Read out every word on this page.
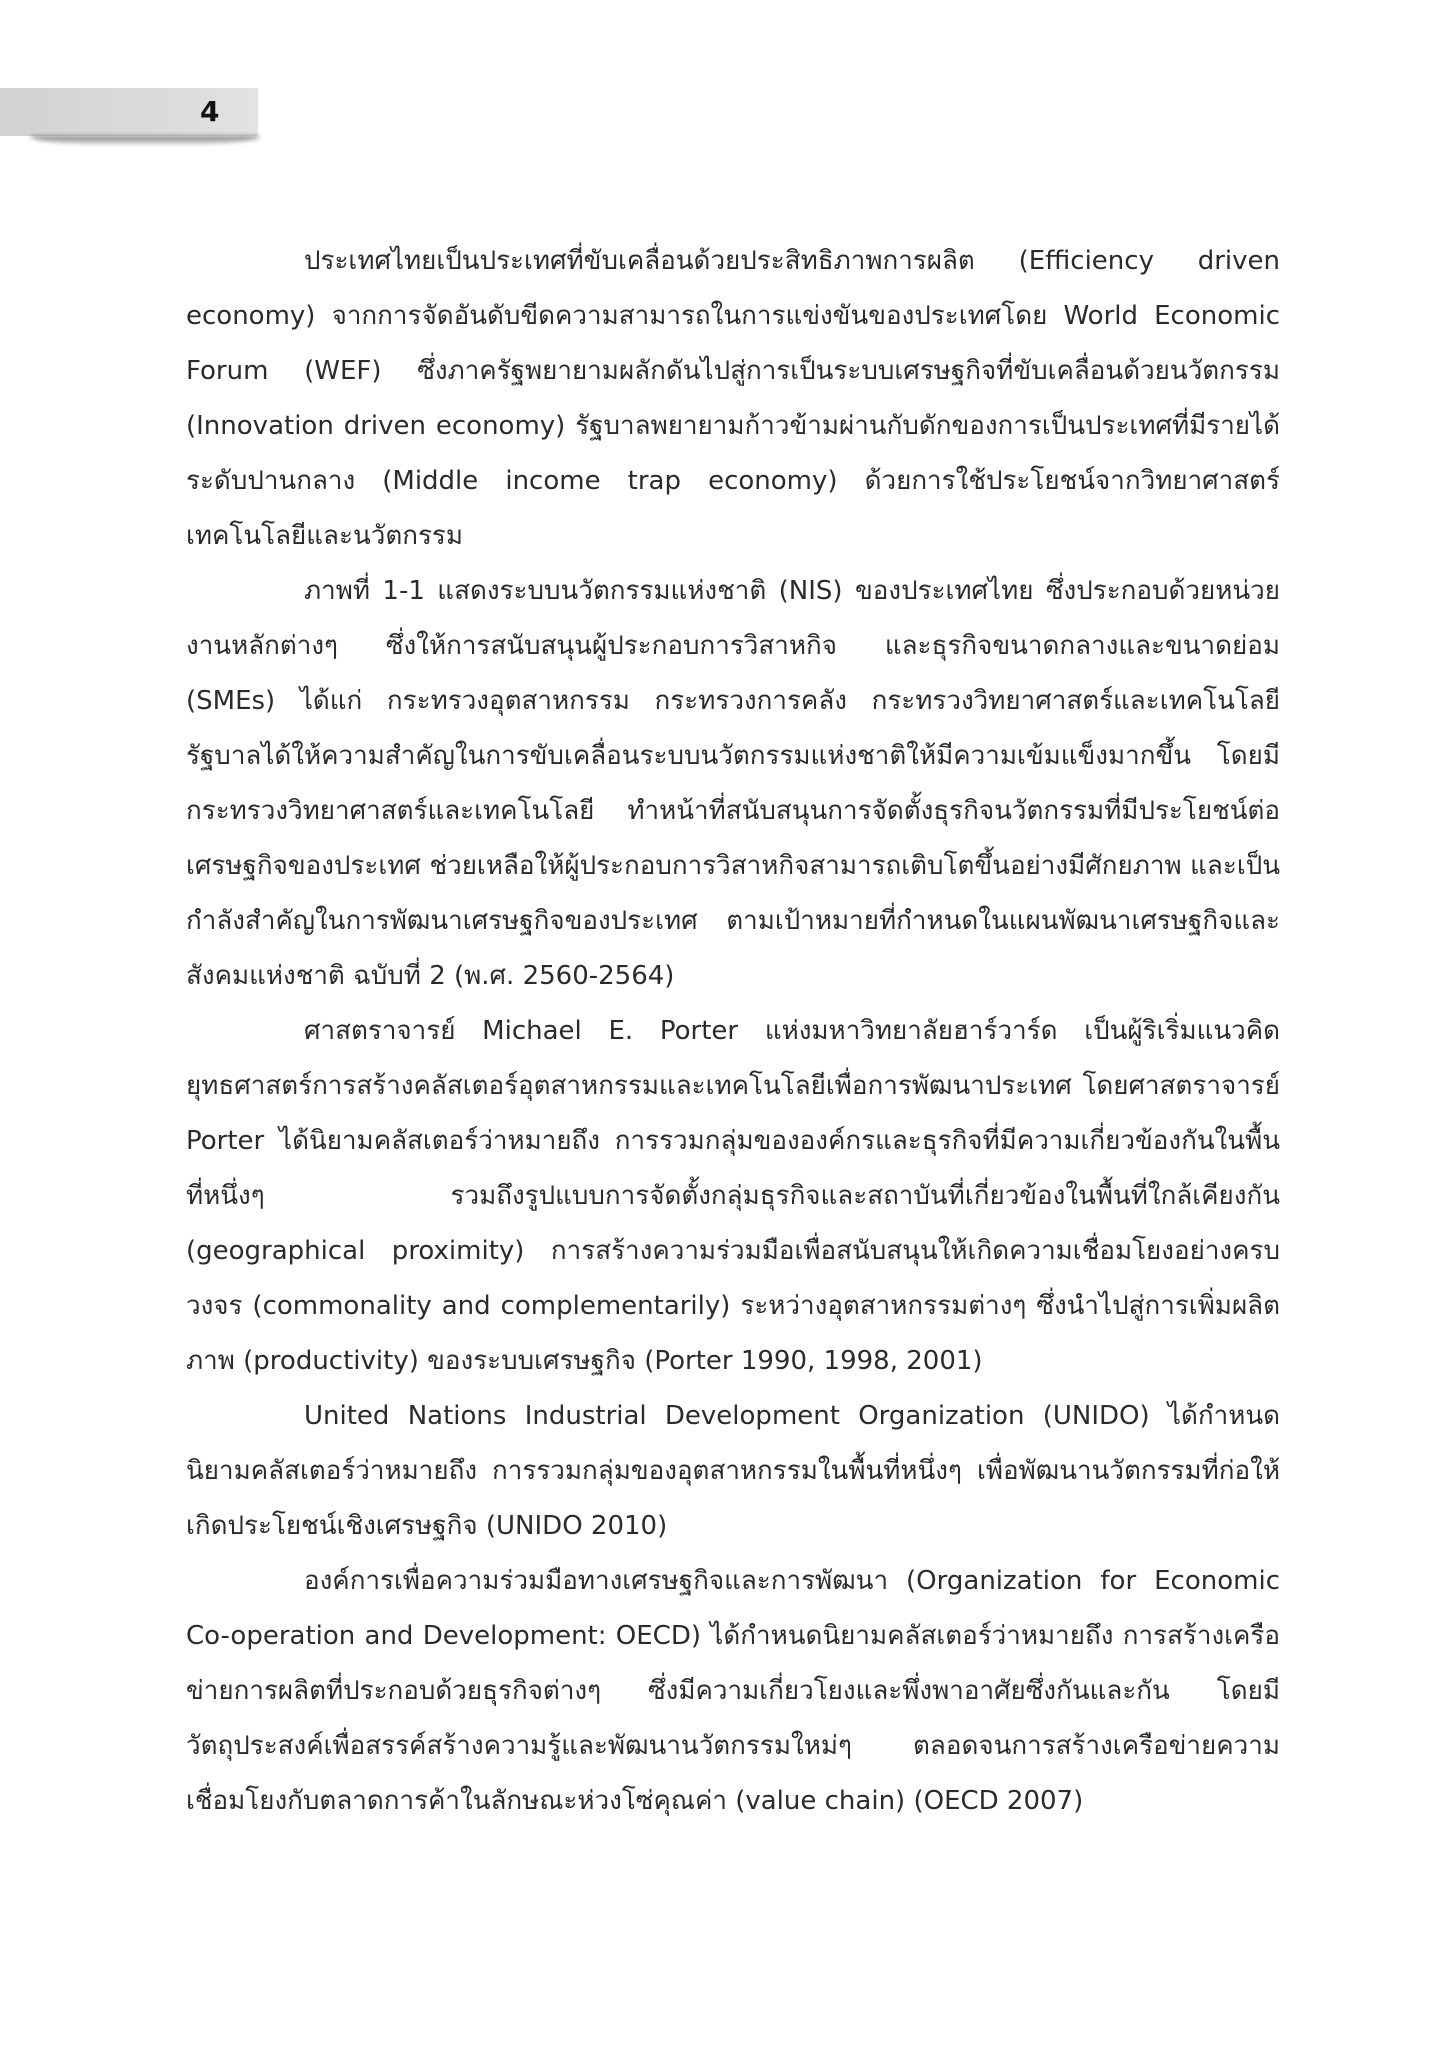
4

ประเทศไทยเป็นประเทศที่ขับเคลื่อนด้วยประสิทธิภาพการผลิต (Efficiency driven economy) จากการจัดอันดับขีดความสามารถในการแข่งขันของประเทศโดย World Economic Forum (WEF) ซึ่งภาครัฐพยายามผลักดันไปสู่การเป็นระบบเศรษฐกิจที่ขับเคลื่อนด้วยนวัตกรรม (Innovation driven economy) รัฐบาลพยายามก้าวข้ามผ่านกับดักของการเป็นประเทศที่มีรายได้ระดับปานกลาง (Middle income trap economy) ด้วยการใช้ประโยชน์จากวิทยาศาสตร์ เทคโนโลยีและนวัตกรรม

ภาพที่ 1-1 แสดงระบบนวัตกรรมแห่งชาติ (NIS) ของประเทศไทย ซึ่งประกอบด้วยหน่วยงานหลักต่างๆ ซึ่งให้การสนับสนุนผู้ประกอบการวิสาหกิจ และธุรกิจขนาดกลางและขนาดย่อม (SMEs) ได้แก่ กระทรวงอุตสาหกรรม กระทรวงการคลัง กระทรวงวิทยาศาสตร์และเทคโนโลยี รัฐบาลได้ให้ความสำคัญในการขับเคลื่อนระบบนวัตกรรมแห่งชาติให้มีความเข้มแข็งมากขึ้น โดยมีกระทรวงวิทยาศาสตร์และเทคโนโลยี ทำหน้าที่สนับสนุนการจัดตั้งธุรกิจนวัตกรรมที่มีประโยชน์ต่อเศรษฐกิจของประเทศ ช่วยเหลือให้ผู้ประกอบการวิสาหกิจสามารถเติบโตขึ้นอย่างมีศักยภาพ และเป็นกำลังสำคัญในการพัฒนาเศรษฐกิจของประเทศ ตามเป้าหมายที่กำหนดในแผนพัฒนาเศรษฐกิจและสังคมแห่งชาติ ฉบับที่ 2 (พ.ศ. 2560-2564)

ศาสตราจารย์ Michael E. Porter แห่งมหาวิทยาลัยฮาร์วาร์ด เป็นผู้ริเริ่มแนวคิดยุทธศาสตร์การสร้างคลัสเตอร์อุตสาหกรรมและเทคโนโลยีเพื่อการพัฒนาประเทศ โดยศาสตราจารย์ Porter ได้นิยามคลัสเตอร์ว่าหมายถึง การรวมกลุ่มขององค์กรและธุรกิจที่มีความเกี่ยวข้องกันในพื้นที่หนึ่งๆ รวมถึงรูปแบบการจัดตั้งกลุ่มธุรกิจและสถาบันที่เกี่ยวข้องในพื้นที่ใกล้เคียงกัน (geographical proximity) การสร้างความร่วมมือเพื่อสนับสนุนให้เกิดความเชื่อมโยงอย่างครบวงจร (commonality and complementarily) ระหว่างอุตสาหกรรมต่างๆ ซึ่งนำไปสู่การเพิ่มผลิตภาพ (productivity) ของระบบเศรษฐกิจ (Porter 1990, 1998, 2001)

United Nations Industrial Development Organization (UNIDO) ได้กำหนดนิยามคลัสเตอร์ว่าหมายถึง การรวมกลุ่มของอุตสาหกรรมในพื้นที่หนึ่งๆ เพื่อพัฒนานวัตกรรมที่ก่อให้เกิดประโยชน์เชิงเศรษฐกิจ (UNIDO 2010)

องค์การเพื่อความร่วมมือทางเศรษฐกิจและการพัฒนา (Organization for Economic Co-operation and Development: OECD) ได้กำหนดนิยามคลัสเตอร์ว่าหมายถึง การสร้างเครือข่ายการผลิตที่ประกอบด้วยธุรกิจต่างๆ ซึ่งมีความเกี่ยวโยงและพึ่งพาอาศัยซึ่งกันและกัน โดยมีวัตถุประสงค์เพื่อสรรค์สร้างความรู้และพัฒนานวัตกรรมใหม่ๆ ตลอดจนการสร้างเครือข่ายความเชื่อมโยงกับตลาดการค้าในลักษณะห่วงโซ่คุณค่า (value chain) (OECD 2007)
